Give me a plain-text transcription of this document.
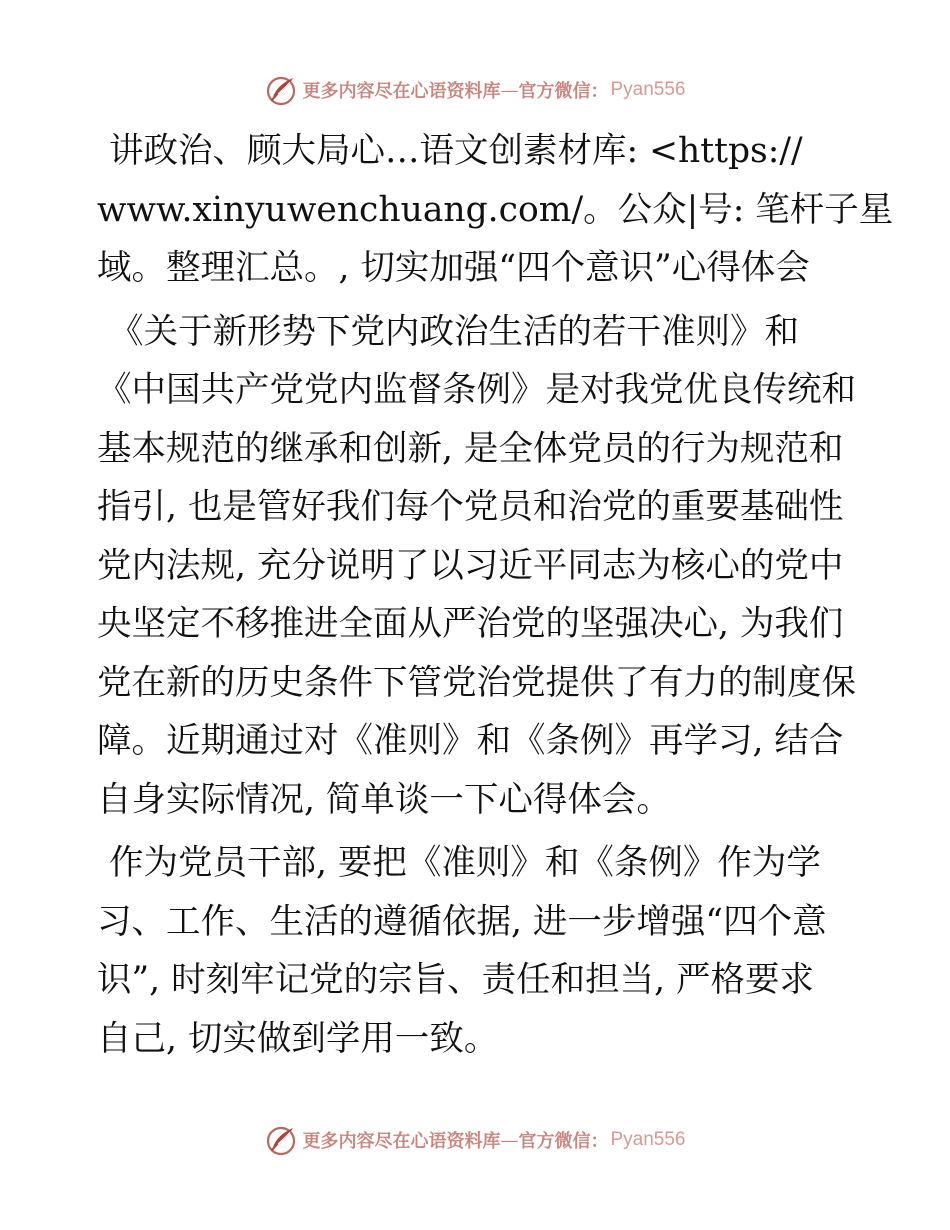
更多内容尽在心语资料库 — 官方微信： Pyan556
讲政治、顾大局心…语文创素材库: <https://
www.xinyuwenchuang.com/。公众|号: 笔杆子星
域。整理汇总。, 切实加强“四个意识”心得体会
《关于新形势下党内政治生活的若干准则》和
《中国共产党党内监督条例》是对我党优良传统和
基本规范的继承和创新, 是全体党员的行为规范和
指引, 也是管好我们每个党员和治党的重要基础性
党内法规, 充分说明了以习近平同志为核心的党中
央坚定不移推进全面从严治党的坚强决心, 为我们
党在新的历史条件下管党治党提供了有力的制度保
障。近期通过对《准则》和《条例》再学习, 结合
自身实际情况, 简单谈一下心得体会。
作为党员干部, 要把《准则》和《条例》作为学
习、工作、生活的遵循依据, 进一步增强“四个意
识”, 时刻牢记党的宗旨、责任和担当, 严格要求
自己, 切实做到学用一致。
更多内容尽在心语资料库 — 官方微信： Pyan556
